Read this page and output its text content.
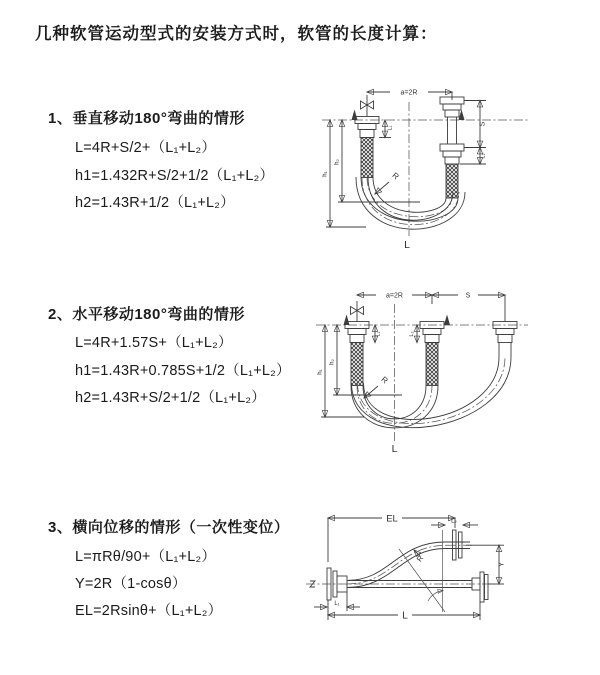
几种软管运动型式的安装方式时，软管的长度计算：
1、垂直移动180°弯曲的情形
L=4R+S/2+（L₁+L₂）
h1=1.432R+S/2+1/2（L₁+L₂）
h2=1.43R+1/2（L₁+L₂）
2、水平移动180°弯曲的情形
L=4R+1.57S+（L₁+L₂）
h1=1.43R+0.785S+1/2（L₁+L₂）
h2=1.43R+S/2+1/2（L₁+L₂）
3、横向位移的情形（一次性变位）
L=πRθ/90+（L₁+L₂）
Y=2R（1-cosθ）
EL=2Rsinθ+（L₁+L₂）
a=2R
L₁
S
L₂
h₂
h₁	R
L
a=2R	S
L₁	L₂
h₂
h₁
R
L
EL	L₂
Y
R
L₁
L
